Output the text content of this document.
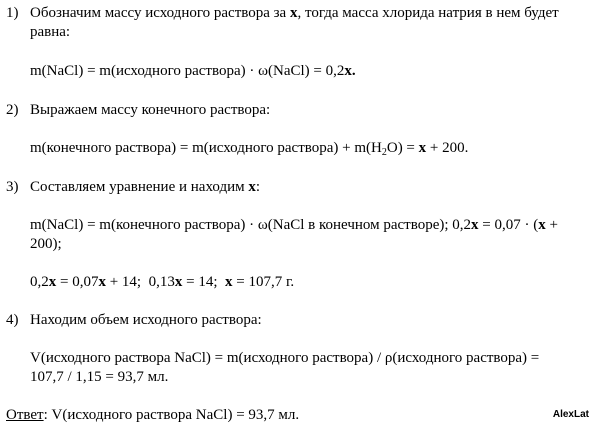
1) Обозначим массу исходного раствора за x, тогда масса хлорида натрия в нем будет
равна:
m(NaCl) = m(исходного раствора) · ω(NaCl) = 0,2x.
2) Выражаем массу конечного раствора:
m(конечного раствора) = m(исходного раствора) + $m(H_2O) = x + 200$.
3) Составляем уравнение и находим x:
m(NaCl) = m(конечного раствора) · ω(NaCl в конечном растворе); 0,2x = 0,07 · (x +
200);
0,2x = 0,07x + 14;  0,13x = 14;  x = 107,7 г.
4) Находим объем исходного раствора:
V(исходного раствора NaCl) = m(исходного раствора) / ρ(исходного раствора) =
107,7 / 1,15 = 93,7 мл.
Ответ: V(исходного раствора NaCl) = 93,7 мл.	AlexLat
